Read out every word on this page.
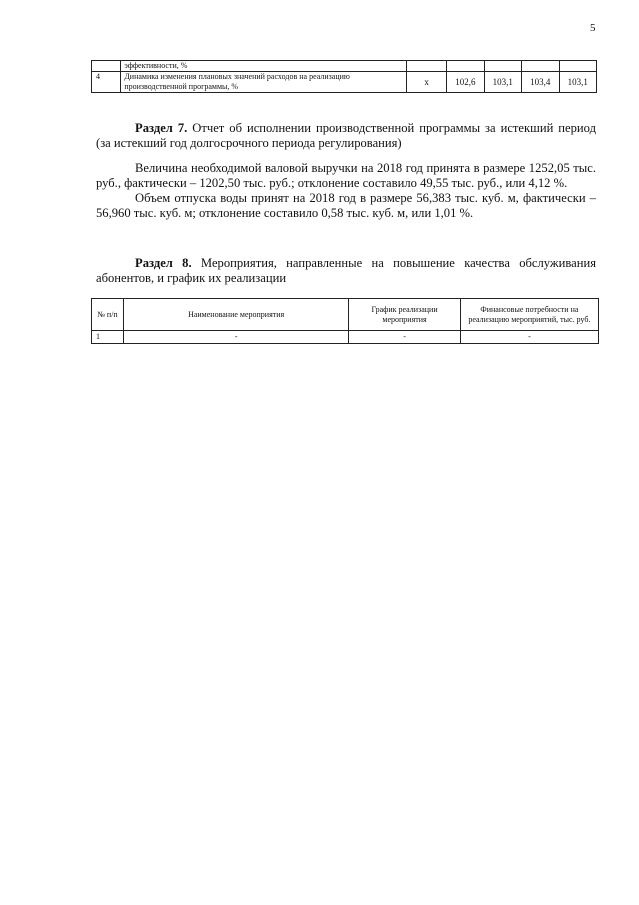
5
	эффективности, %					
4	Динамика изменения плановых значений расходов на реализацию производственной программы, %	х	102,6	103,1	103,4	103,1

Раздел 7. Отчет об исполнении производственной программы за истекший период (за истекший год долгосрочного периода регулирования)

Величина необходимой валовой выручки на 2018 год принята в размере 1252,05 тыс. руб., фактически – 1202,50 тыс. руб.; отклонение составило 49,55 тыс. руб., или 4,12 %.

Объем отпуска воды принят на 2018 год в размере 56,383 тыс. куб. м, фактически – 56,960 тыс. куб. м; отклонение составило 0,58 тыс. куб. м, или 1,01 %.

Раздел 8. Мероприятия, направленные на повышение качества обслуживания абонентов, и график их реализации

№ п/п	Наименование мероприятия	График реализации мероприятия	Финансовые потребности на реализацию мероприятий, тыс. руб.
1	-	-	-
